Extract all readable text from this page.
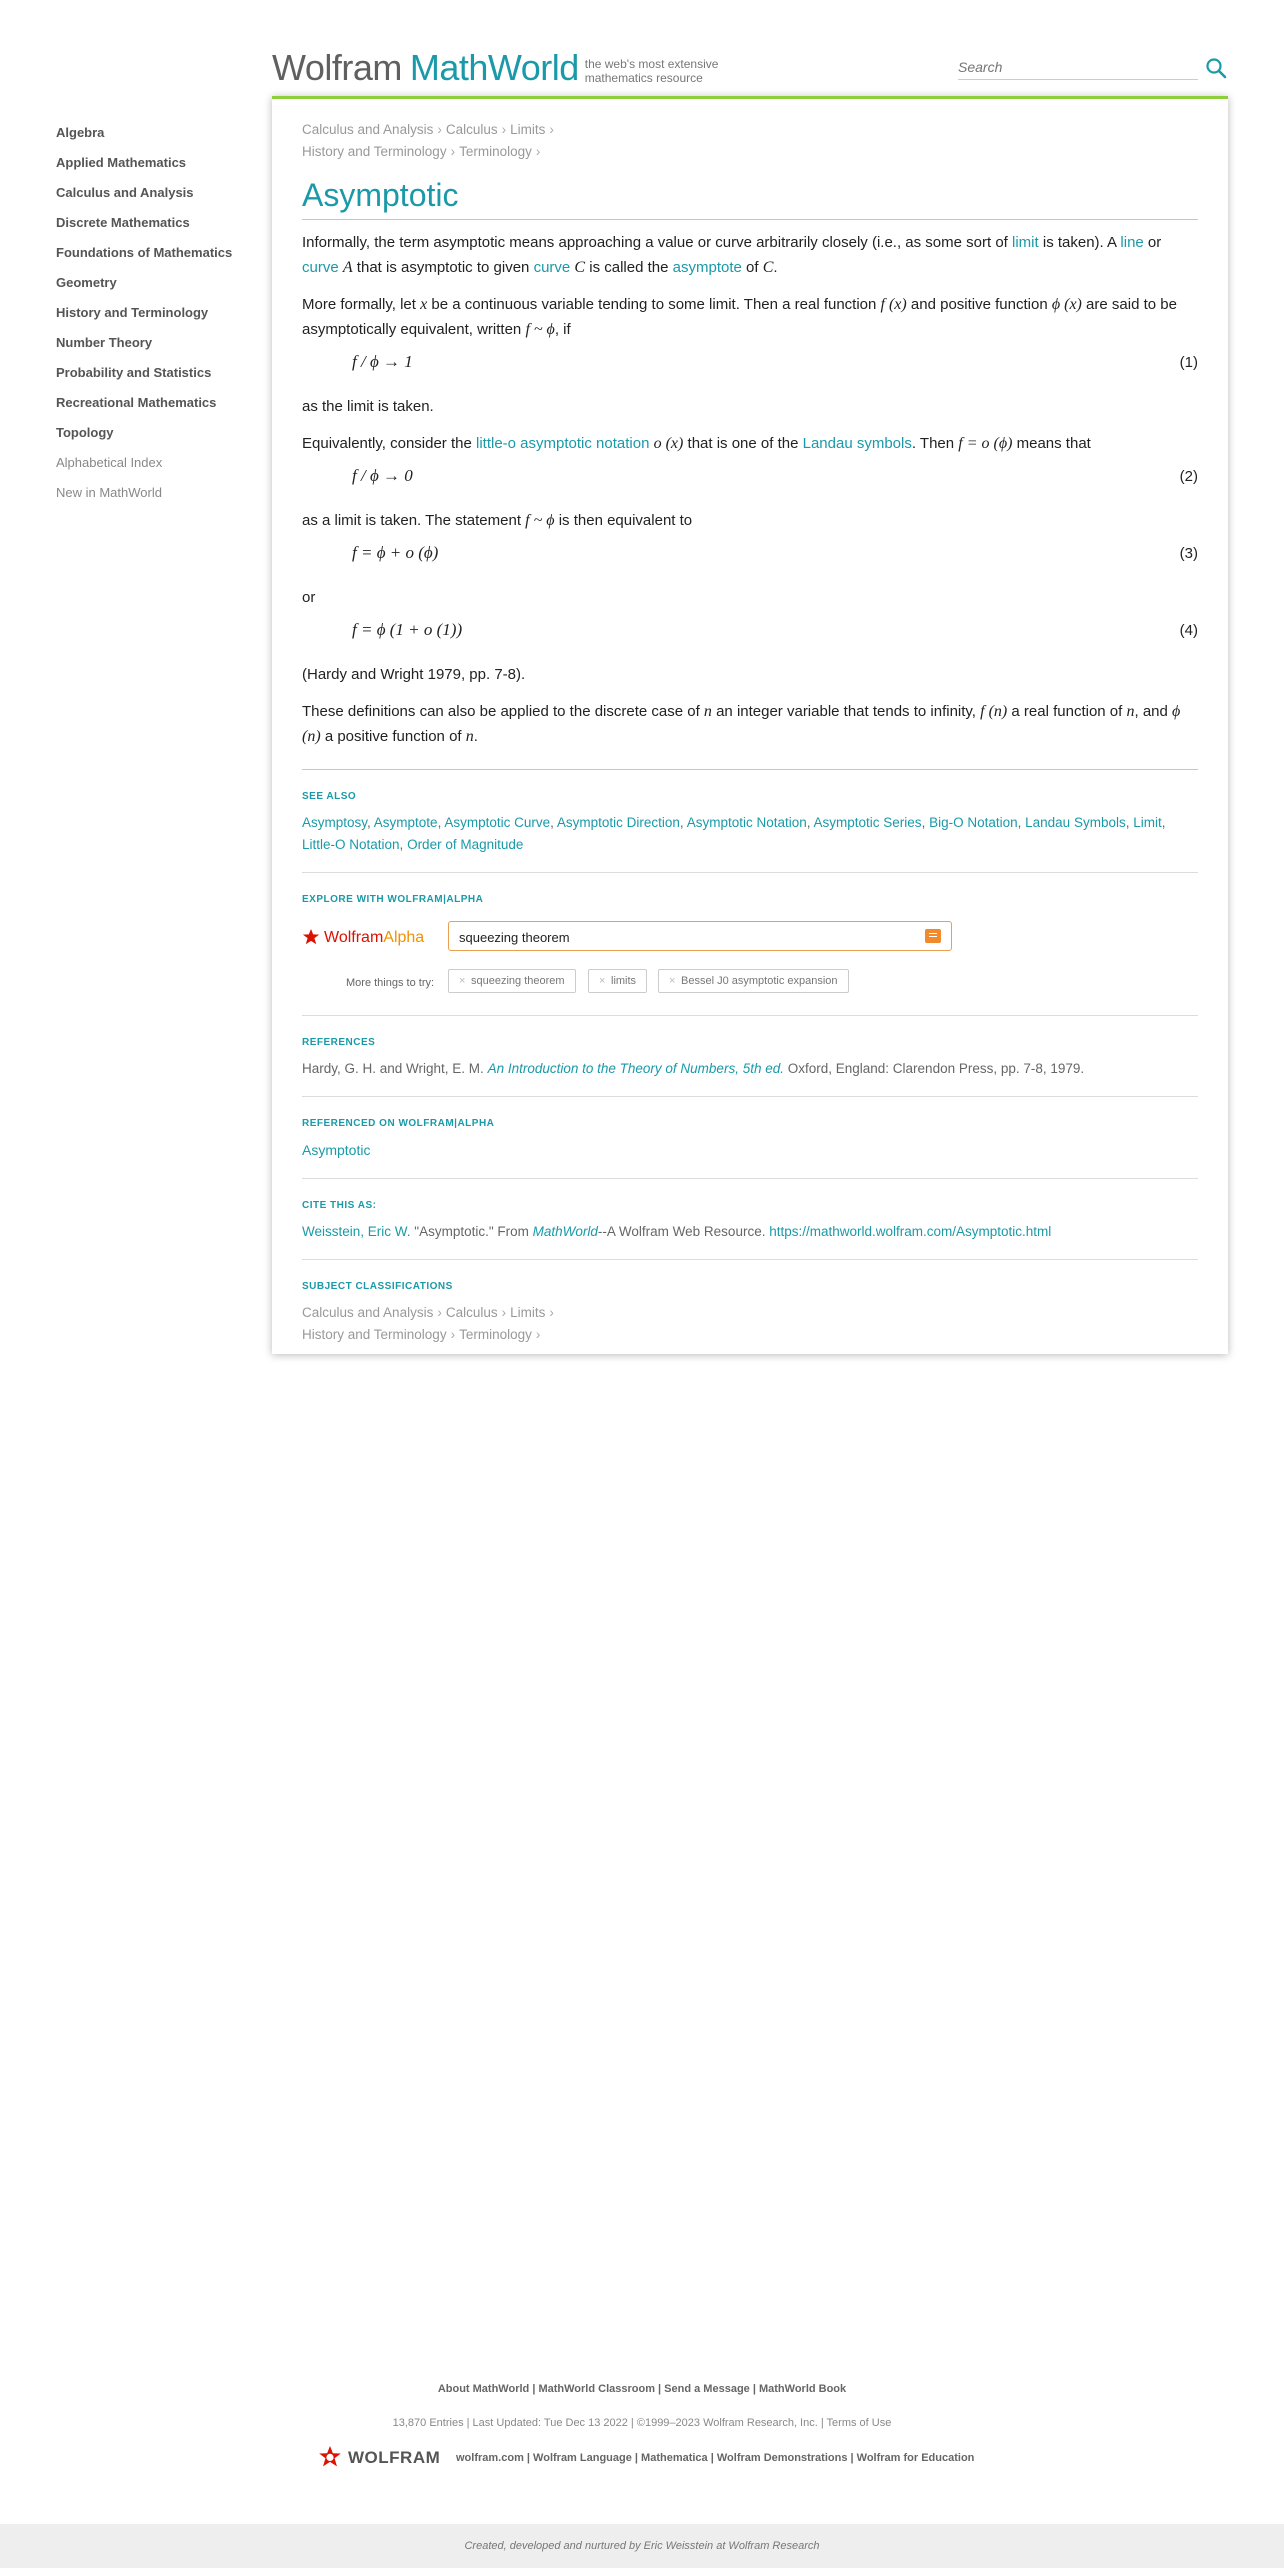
Wolfram MathWorld the web's most extensive mathematics resource
Search
Algebra
Applied Mathematics
Calculus and Analysis
Discrete Mathematics
Foundations of Mathematics
Geometry
History and Terminology
Number Theory
Probability and Statistics
Recreational Mathematics
Topology
Alphabetical Index
New in MathWorld
Calculus and Analysis › Calculus › Limits ›
History and Terminology › Terminology ›
Asymptotic

Informally, the term asymptotic means approaching a value or curve arbitrarily closely (i.e., as some sort of limit is taken). A line or curve A that is asymptotic to given curve C is called the asymptote of C.

More formally, let x be a continuous variable tending to some limit. Then a real function f (x) and positive function ϕ (x) are said to be asymptotically equivalent, written f ~ ϕ, if

f / ϕ → 1	(1)

as the limit is taken.

Equivalently, consider the little-o asymptotic notation o (x) that is one of the Landau symbols. Then f = o (ϕ) means that

f / ϕ → 0	(2)

as a limit is taken. The statement f ~ ϕ is then equivalent to

f = ϕ + o (ϕ)	(3)

or

f = ϕ (1 + o (1))	(4)

(Hardy and Wright 1979, pp. 7-8).

These definitions can also be applied to the discrete case of n an integer variable that tends to infinity, f (n) a real function of n, and ϕ (n) a positive function of n.

SEE ALSO
Asymptosy, Asymptote, Asymptotic Curve, Asymptotic Direction, Asymptotic Notation, Asymptotic Series, Big-O Notation, Landau Symbols, Limit, Little-O Notation, Order of Magnitude
EXPLORE WITH WOLFRAM|ALPHA
WolframAlpha
squeezing theorem
More things to try:	× squeezing theorem	× limits	× Bessel J0 asymptotic expansion
REFERENCES
Hardy, G. H. and Wright, E. M. An Introduction to the Theory of Numbers, 5th ed. Oxford, England: Clarendon Press, pp. 7-8, 1979.
REFERENCED ON WOLFRAM|ALPHA
Asymptotic
CITE THIS AS:
Weisstein, Eric W. "Asymptotic." From MathWorld--A Wolfram Web Resource. https://mathworld.wolfram.com/Asymptotic.html
SUBJECT CLASSIFICATIONS
Calculus and Analysis › Calculus › Limits ›
History and Terminology › Terminology ›
About MathWorld | MathWorld Classroom | Send a Message | MathWorld Book
13,870 Entries | Last Updated: Tue Dec 13 2022 | ©1999–2023 Wolfram Research, Inc. | Terms of Use
WOLFRAM wolfram.com | Wolfram Language | Mathematica | Wolfram Demonstrations | Wolfram for Education
Created, developed and nurtured by Eric Weisstein at Wolfram Research
